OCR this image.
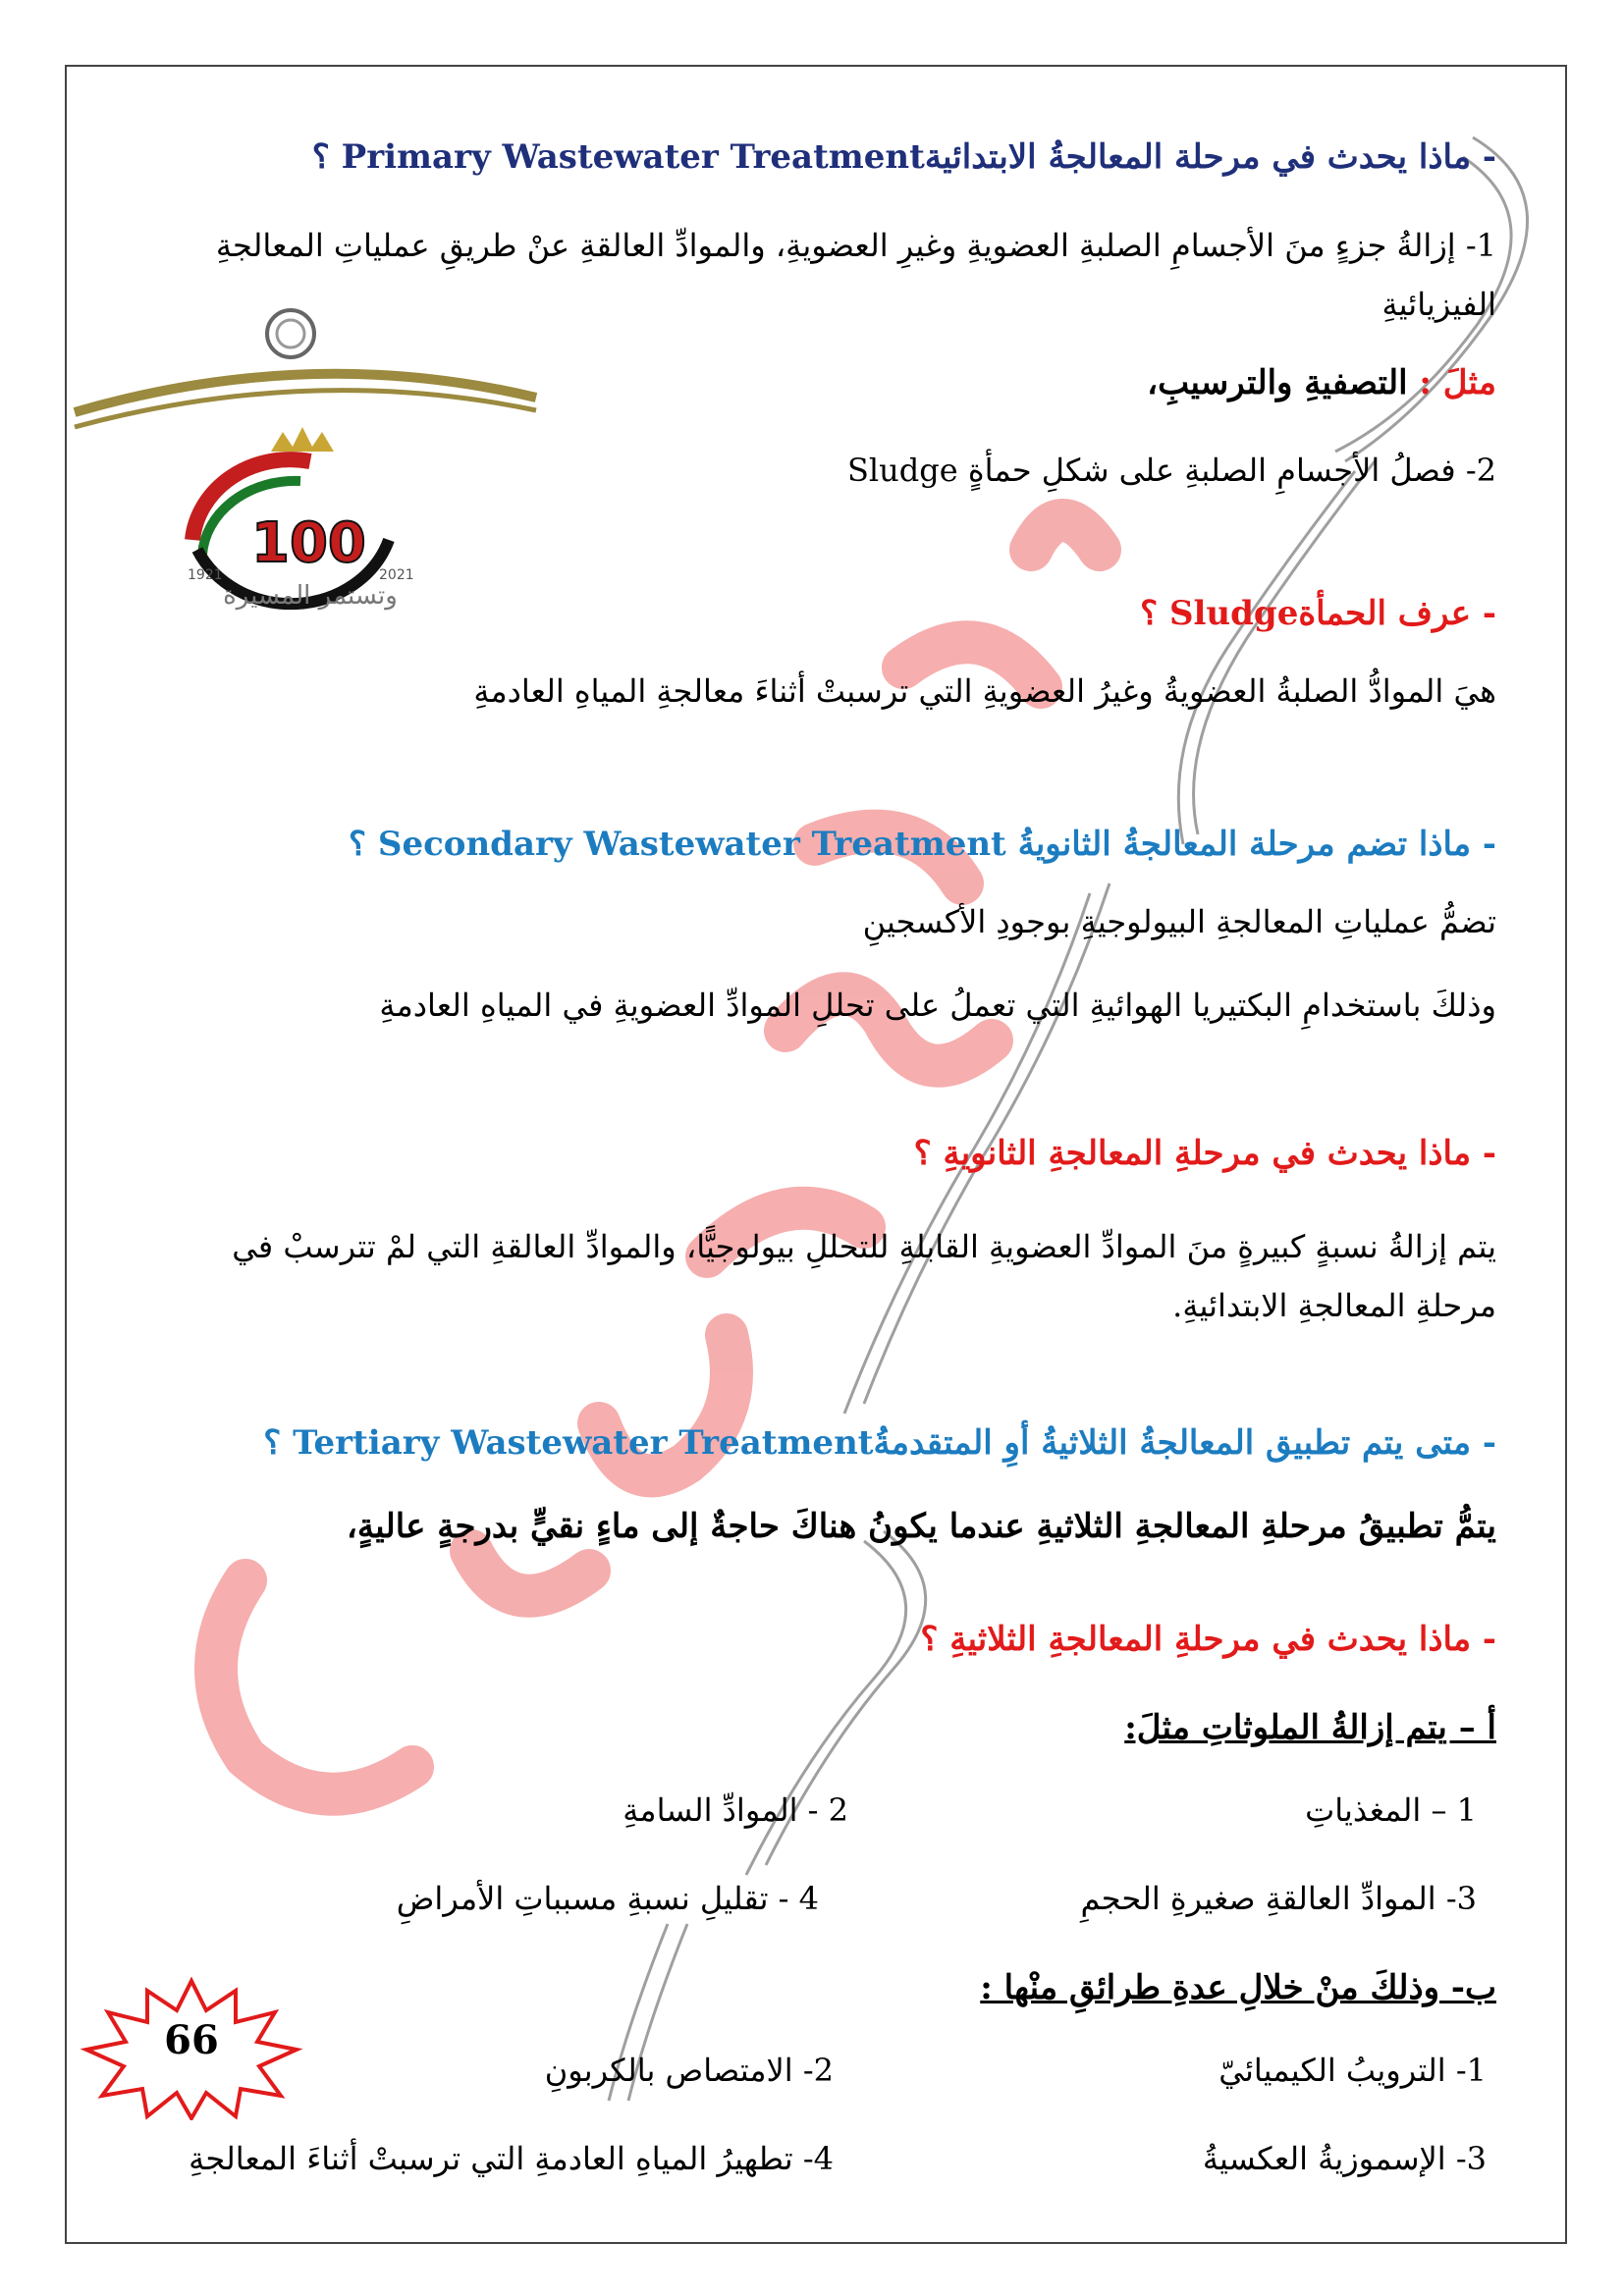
100
1921	2021
وتستمر المسيرة
- ماذا يحدث في مرحلة المعالجةُ الابتدائيةPrimary Wastewater Treatment ؟
1- إزالةُ جزءٍ منَ الأجسامِ الصلبةِ العضويةِ وغيرِ العضويةِ، والموادِّ العالقةِ عنْ طريقِ عملياتِ المعالجةِ الفيزيائيةِ
مثلَ : التصفيةِ والترسيبِ،
2- فصلُ الأجسامِ الصلبةِ على شكلِ حمأةٍ Sludge
- عرف الحمأةSludge ؟
هيَ الموادُّ الصلبةُ العضويةُ وغيرُ العضويةِ التي ترسبتْ أثناءَ معالجةِ المياهِ العادمةِ
- ماذا تضم مرحلة المعالجةُ الثانويةُ Secondary Wastewater Treatment ؟
تضمُّ عملياتِ المعالجةِ البيولوجيةِ بوجودِ الأكسجينِ
وذلكَ باستخدامِ البكتيريا الهوائيةِ التي تعملُ على تحللِ الموادِّ العضويةِ في المياهِ العادمةِ
- ماذا يحدث في مرحلةِ المعالجةِ الثانويةِ ؟
يتم إزالةُ نسبةٍ كبيرةٍ منَ الموادِّ العضويةِ القابلةِ للتحللِ بيولوجيًّا، والموادِّ العالقةِ التي لمْ تترسبْ في مرحلةِ المعالجةِ الابتدائيةِ.
- متى يتم تطبيق المعالجةُ الثلاثيةُ أوِ المتقدمةُTertiary Wastewater Treatment ؟
يتمُّ تطبيقُ مرحلةِ المعالجةِ الثلاثيةِ عندما يكونُ هناكَ حاجةٌ إلى ماءٍ نقيٍّ بدرجةٍ عاليةٍ،
- ماذا يحدث في مرحلةِ المعالجةِ الثلاثيةِ ؟
أ – يتم إزالةُ الملوثاتِ مثلَ:
1 – المغذياتِ
2 - الموادِّ السامةِ
3- الموادِّ العالقةِ صغيرةِ الحجمِ
4 - تقليلِ نسبةِ مسبباتِ الأمراضِ
ب- وذلكَ منْ خلالِ عدةِ طرائقِ منْها :
1- الترويبُ الكيميائيّ
2- الامتصاص بالكربونِ
3- الإسموزيةُ العكسيةُ
4- تطهيرُ المياهِ العادمةِ التي ترسبتْ أثناءَ المعالجةِ
66
